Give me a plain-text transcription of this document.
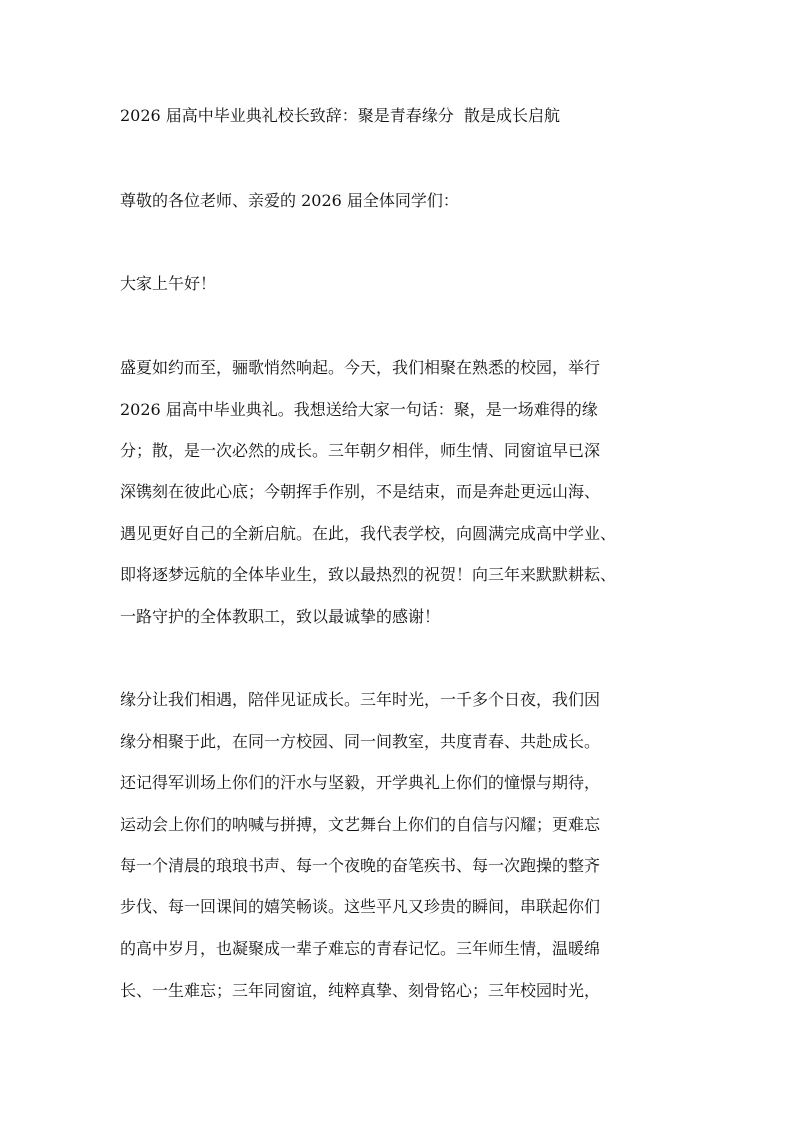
2026 届高中毕业典礼校长致辞：聚是青春缘分  散是成长启航

尊敬的各位老师、亲爱的 2026 届全体同学们：

大家上午好！

盛夏如约而至，骊歌悄然响起。今天，我们相聚在熟悉的校园，举行

2026 届高中毕业典礼。我想送给大家一句话：聚，是一场难得的缘

分；散，是一次必然的成长。三年朝夕相伴，师生情、同窗谊早已深

深镌刻在彼此心底；今朝挥手作别，不是结束，而是奔赴更远山海、

遇见更好自己的全新启航。在此，我代表学校，向圆满完成高中学业、

即将逐梦远航的全体毕业生，致以最热烈的祝贺！向三年来默默耕耘、

一路守护的全体教职工，致以最诚挚的感谢！

缘分让我们相遇，陪伴见证成长。三年时光，一千多个日夜，我们因

缘分相聚于此，在同一方校园、同一间教室，共度青春、共赴成长。

还记得军训场上你们的汗水与坚毅，开学典礼上你们的憧憬与期待，

运动会上你们的呐喊与拼搏，文艺舞台上你们的自信与闪耀；更难忘

每一个清晨的琅琅书声、每一个夜晚的奋笔疾书、每一次跑操的整齐

步伐、每一回课间的嬉笑畅谈。这些平凡又珍贵的瞬间，串联起你们

的高中岁月，也凝聚成一辈子难忘的青春记忆。三年师生情，温暖绵

长、一生难忘；三年同窗谊，纯粹真挚、刻骨铭心；三年校园时光，
